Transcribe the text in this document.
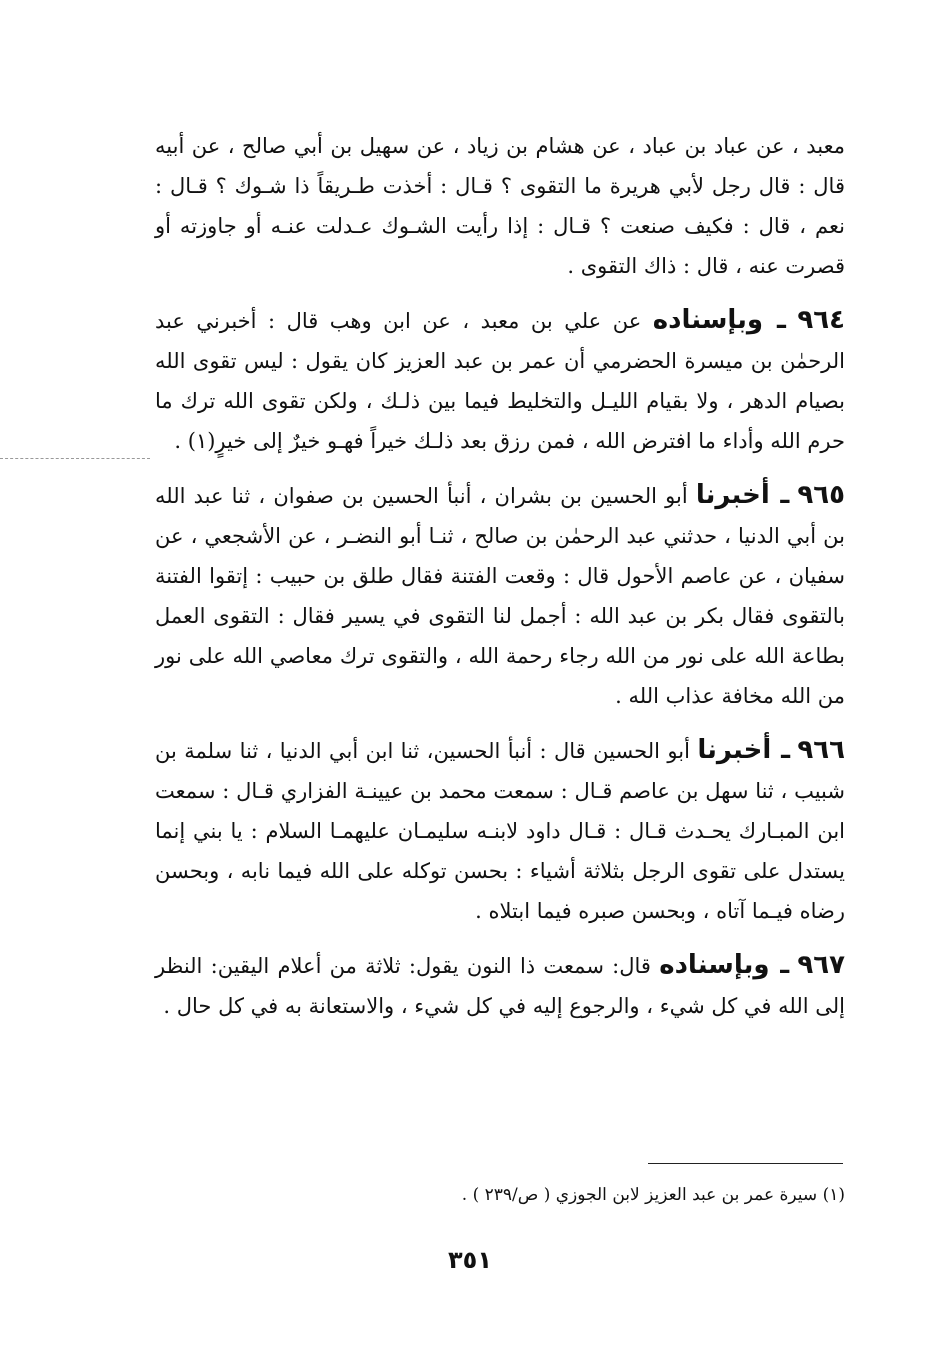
معبد ، عن عباد بن عباد ، عن هشام بن زياد ، عن سهيل بن أبي صالح ، عن أبيه قال : قال رجل لأبي هريرة ما التقوى ؟ قـال : أخذت طـريقاً ذا شـوك ؟ قـال : نعم ، قال : فكيف صنعت ؟ قـال : إذا رأيت الشـوك عـدلت عنـه أو جاوزته أو قصرت عنه ، قال : ذاك التقوى .

٩٦٤ ـ وبإسناده عن علي بن معبد ، عن ابن وهب قال : أخبرني عبد الرحمٰن بن ميسرة الحضرمي أن عمر بن عبد العزيز كان يقول : ليس تقوى الله بصيام الدهر ، ولا بقيام الليـل والتخليط فيما بين ذلـك ، ولكن تقوى الله ترك ما حرم الله وأداء ما افترض الله ، فمن رزق بعد ذلـك خيراً فهـو خيرٌ إلى خيرٍ(١) .

٩٦٥ ـ أخبرنا أبو الحسين بن بشران ، أنبأ الحسين بن صفوان ، ثنا عبد الله بن أبي الدنيا ، حدثني عبد الرحمٰن بن صالح ، ثنـا أبو النضـر ، عن الأشجعي ، عن سفيان ، عن عاصم الأحول قال : وقعت الفتنة فقال طلق بن حبيب : إتقوا الفتنة بالتقوى فقال بكر بن عبد الله : أجمل لنا التقوى في يسير فقال : التقوى العمل بطاعة الله على نور من الله رجاء رحمة الله ، والتقوى ترك معاصي الله على نور من الله مخافة عذاب الله .

٩٦٦ ـ أخبرنا أبو الحسين قال : أنبأ الحسين، ثنا ابن أبي الدنيا ، ثنا سلمة بن شبيب ، ثنا سهل بن عاصم قـال : سمعت محمد بن عيينـة الفزاري قـال : سمعت ابن المبـارك يحـدث قـال : قـال داود لابنـه سليمـان عليهمـا السلام : يا بني إنما يستدل على تقوى الرجل بثلاثة أشياء : بحسن توكله على الله فيما نابه ، وبحسن رضاه فيـما آتاه ، وبحسن صبره فيما ابتلاه .

٩٦٧ ـ وبإسناده قال: سمعت ذا النون يقول: ثلاثة من أعلام اليقين: النظر إلى الله في كل شيء ، والرجوع إليه في كل شيء ، والاستعانة به في كل حال .

(١) سيرة عمر بن عبد العزيز لابن الجوزي ( ص/٢٣٩ ) .
٣٥١
